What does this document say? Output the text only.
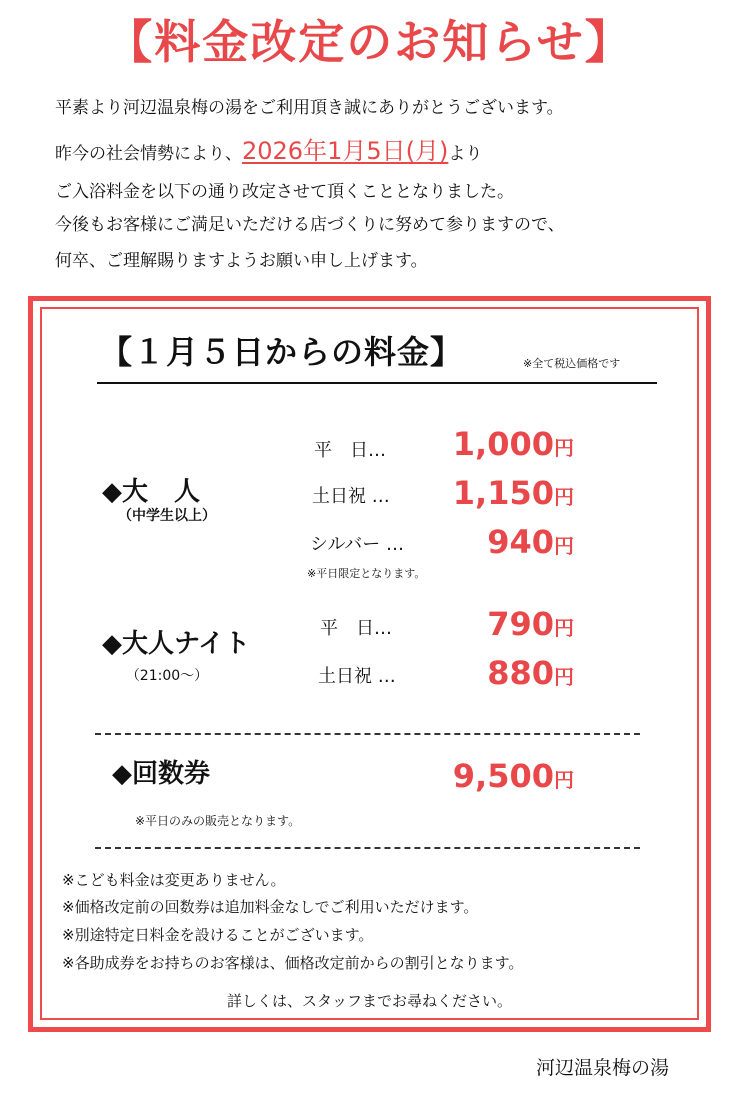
【料金改定のお知らせ】
平素より河辺温泉梅の湯をご利用頂き誠にありがとうございます。
昨今の社会情勢により、2026年1月5日(月)より
ご入浴料金を以下の通り改定させて頂くこととなりました。
今後もお客様にご満足いただける店づくりに努めて参りますので、
何卒、ご理解賜りますようお願い申し上げます。
【１月５日からの料金】	※全て税込価格です
◆大　人
（中学生以上）
平　日…	1,000円
土日祝 …	1,150円
シルバー …	940円
※平日限定となります。
◆大人ナイト
（21:00～）
平　日…	790円
土日祝 …	880円
◆回数券	9,500円
※平日のみの販売となります。
※こども料金は変更ありません。
※価格改定前の回数券は追加料金なしでご利用いただけます。
※別途特定日料金を設けることがございます。
※各助成券をお持ちのお客様は、価格改定前からの割引となります。
詳しくは、スタッフまでお尋ねください。
河辺温泉梅の湯
